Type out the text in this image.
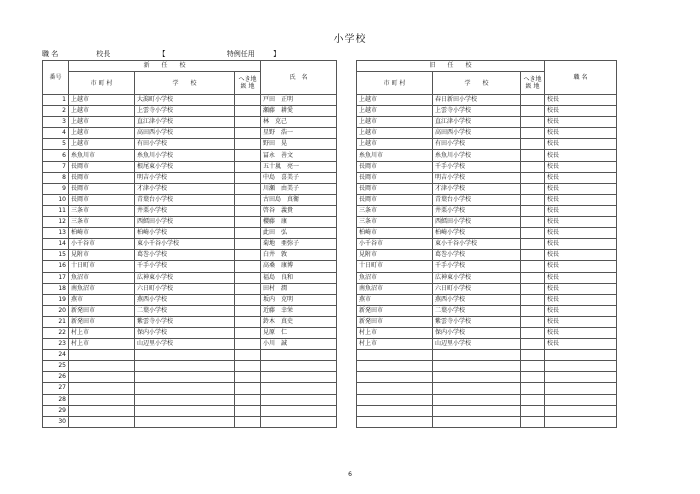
小学校
職 名	校長	【	特例任用	】
番号	新　　任　　校			氏　名		旧　　任　　校			職 名
	市 町 村	学　　校	へき地 級 地			市 町 村	学　　校	へき地 級 地	
1	上越市	大潟町小学校		戸田　正明		上越市	春日新田小学校		校長
2	上越市	上雲寺小学校		瀬藤　耕愛		上越市	上雲寺小学校		校長
3	上越市	直江津小学校		林　克己		上越市	直江津小学校		校長
4	上越市	高田西小学校		星野　浩一		上越市	高田西小学校		校長
5	上越市	有田小学校		野田　晃		上越市	有田小学校		校長
6	糸魚川市	糸魚川小学校		冨永　善文		糸魚川市	糸魚川小学校		校長
7	長岡市	根尾東小学校		五十嵐　亮一		長岡市	千手小学校		校長
8	長岡市	明吉小学校		中島　喜美子		長岡市	明吉小学校		校長
9	長岡市	才津小学校		川瀬　由美子		長岡市	才津小学校		校長
10	長岡市	青葉台小学校		古田島　真衛		長岡市	青葉台小学校		校長
11	三条市	井栗小学校		啓谷　義貴		三条市	井栗小学校		校長
12	三条市	西鱈田小学校		櫻藤　康		三条市	西鱈田小学校		校長
13	柏崎市	柏崎小学校		此田　弘		柏崎市	柏崎小学校		校長
14	小千谷市	東小千谷小学校		菊地　亜弥子		小千谷市	東小千谷小学校		校長
15	見附市	葛巻小学校		白井　敦		見附市	葛巻小学校		校長
16	十日町市	千手小学校		高桑　康博		十日町市	千手小学校		校長
17	魚沼市	広神東小学校		福島　良和		魚沼市	広神東小学校		校長
18	南魚沼市	六日町小学校		田村　潤		南魚沼市	六日町小学校		校長
19	燕市	燕西小学校		坂内　克明		燕市	燕西小学校		校長
20	新発田市	二葉小学校		近藤　幸栄		新発田市	二葉小学校		校長
21	新発田市	紫雲寺小学校		鈴木　真史		新発田市	紫雲寺小学校		校長
22	村上市	保内小学校		見原　仁		村上市	保内小学校		校長
23	村上市	山辺里小学校		小川　誠		村上市	山辺里小学校		校長
24									
25									
26									
27									
28									
29									
30									
6
